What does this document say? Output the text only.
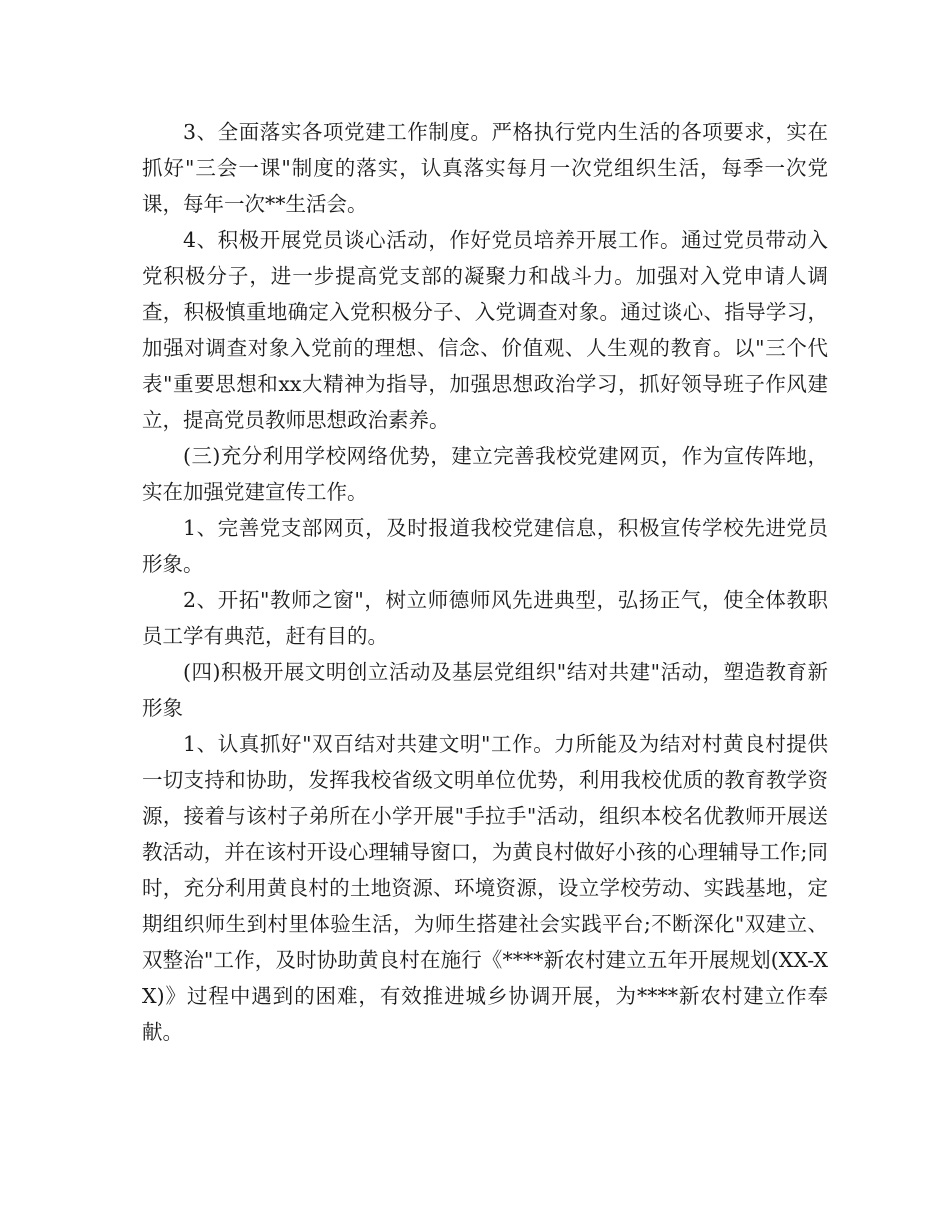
3、全面落实各项党建工作制度。严格执行党内生活的各项要求，实在抓好"三会一课"制度的落实，认真落实每月一次党组织生活，每季一次党课，每年一次**生活会。

4、积极开展党员谈心活动，作好党员培养开展工作。通过党员带动入党积极分子，进一步提高党支部的凝聚力和战斗力。加强对入党申请人调查，积极慎重地确定入党积极分子、入党调查对象。通过谈心、指导学习，加强对调查对象入党前的理想、信念、价值观、人生观的教育。以"三个代表"重要思想和xx大精神为指导，加强思想政治学习，抓好领导班子作风建立，提高党员教师思想政治素养。

(三)充分利用学校网络优势，建立完善我校党建网页，作为宣传阵地，实在加强党建宣传工作。

1、完善党支部网页，及时报道我校党建信息，积极宣传学校先进党员形象。

2、开拓"教师之窗"，树立师德师风先进典型，弘扬正气，使全体教职员工学有典范，赶有目的。

(四)积极开展文明创立活动及基层党组织"结对共建"活动，塑造教育新形象

1、认真抓好"双百结对共建文明"工作。力所能及为结对村黄良村提供一切支持和协助，发挥我校省级文明单位优势，利用我校优质的教育教学资源，接着与该村子弟所在小学开展"手拉手"活动，组织本校名优教师开展送教活动，并在该村开设心理辅导窗口，为黄良村做好小孩的心理辅导工作;同时，充分利用黄良村的土地资源、环境资源，设立学校劳动、实践基地，定期组织师生到村里体验生活，为师生搭建社会实践平台;不断深化"双建立、双整治"工作，及时协助黄良村在施行《****新农村建立五年开展规划(XX-XX)》过程中遇到的困难，有效推进城乡协调开展，为****新农村建立作奉献。
